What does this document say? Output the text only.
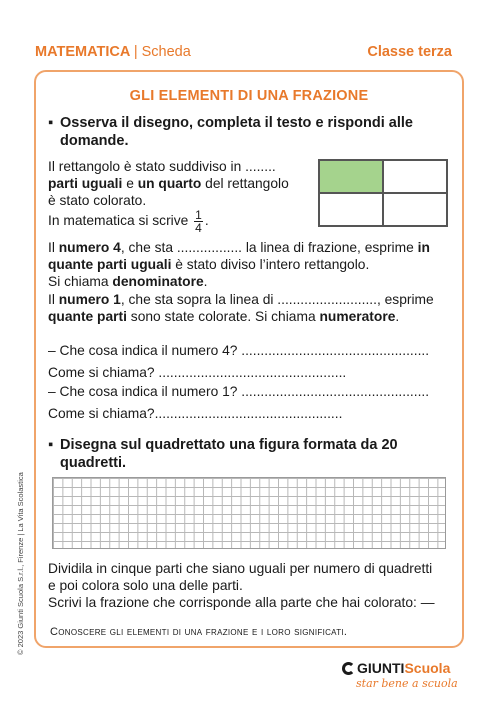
MATEMATICA | Scheda	Classe terza
GLI ELEMENTI DI UNA FRAZIONE
▪ Osserva il disegno, completa il testo e rispondi alle
domande.
Il rettangolo è stato suddiviso in ........
parti uguali e un quarto del rettangolo
è stato colorato.
In matematica si scrive $\frac{1}{4}$ .
Il numero 4, che sta ................. la linea di frazione, esprime in
quante parti uguali è stato diviso l’intero rettangolo.
Si chiama denominatore.
Il numero 1, che sta sopra la linea di .........................., esprime
quante parti sono state colorate. Si chiama numeratore.
– Che cosa indica il numero 4? .................................................
Come si chiama? .................................................
– Che cosa indica il numero 1? .................................................
Come si chiama?.................................................
▪ Disegna sul quadrettato una figura formata da 20
quadretti.
Dividila in cinque parti che siano uguali per numero di quadretti
e poi colora solo una delle parti.
Scrivi la frazione che corrisponde alla parte che hai colorato: —
Conoscere gli elementi di una frazione e i loro significati.
© 2023 Giunti Scuola S.r.l., Firenze | La Vita Scolastica
GIUNTI Scuola
star bene a scuola
